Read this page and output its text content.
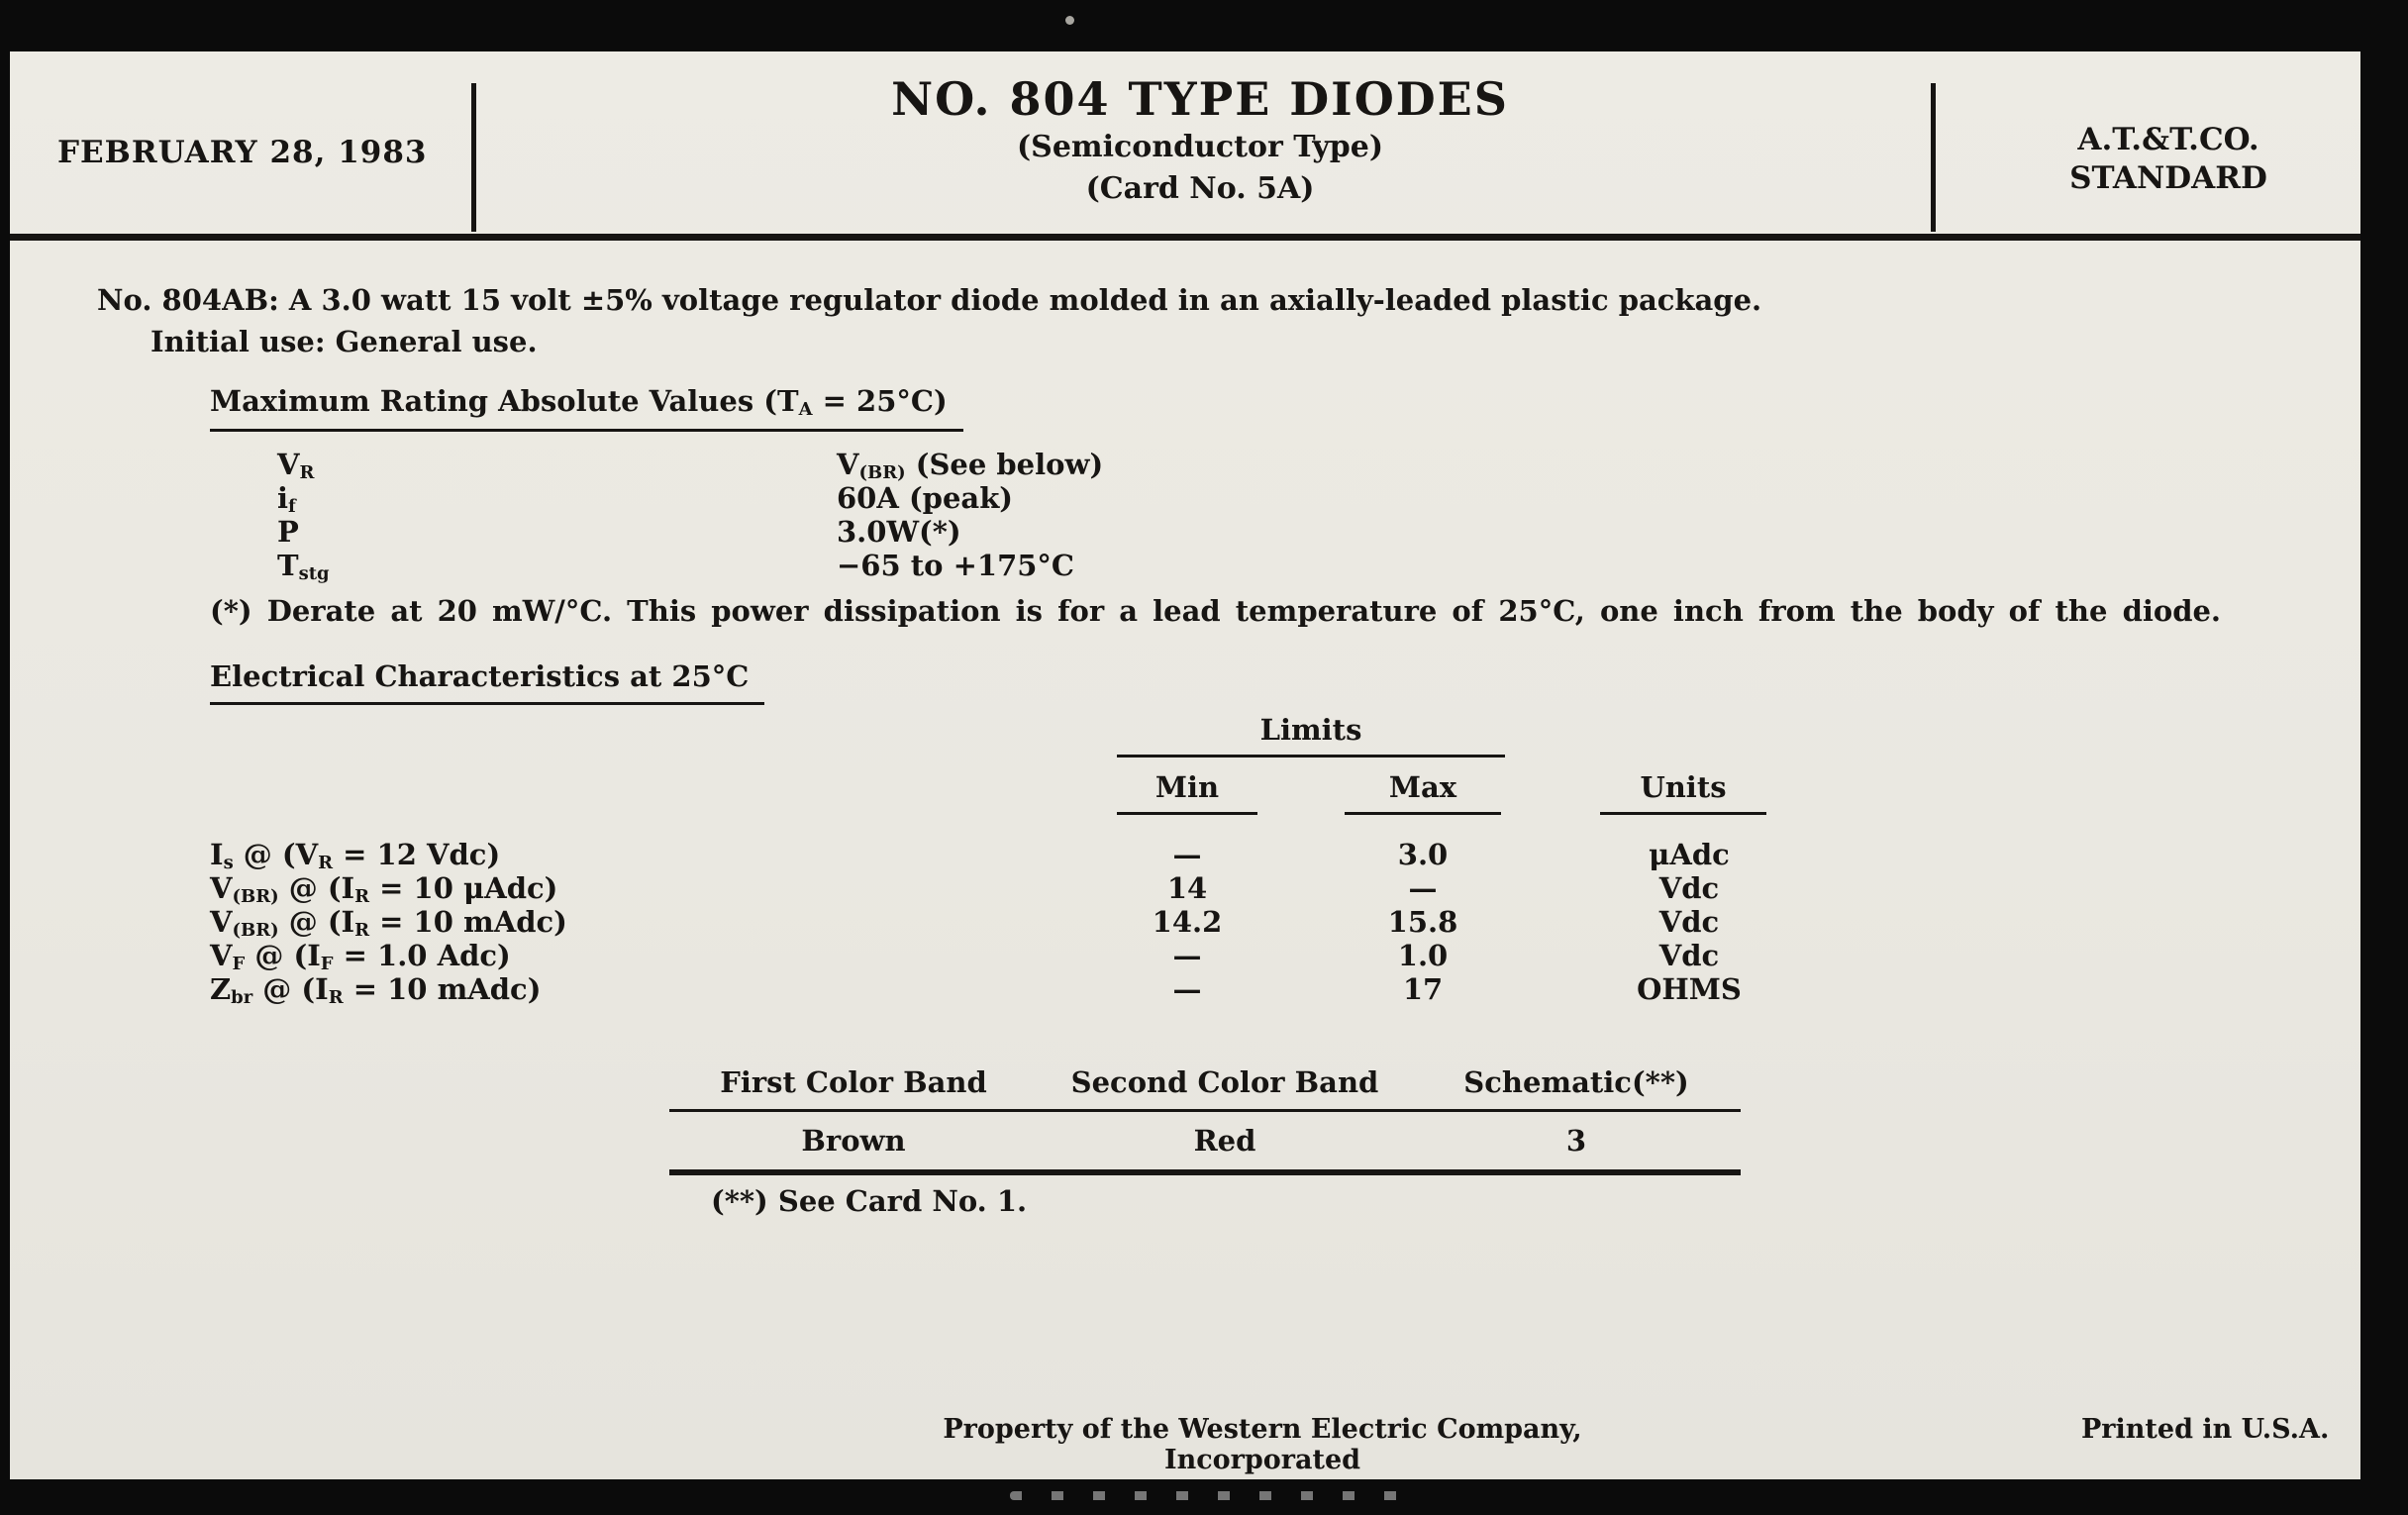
FEBRUARY 28, 1983
NO. 804 TYPE DIODES
(Semiconductor Type)
(Card No. 5A)
A.T.&T.CO.
STANDARD
No. 804AB: A 3.0 watt 15 volt ±5% voltage regulator diode molded in an axially-leaded plastic package.
Initial use: General use.
Maximum Rating Absolute Values $(T_A = 25^\circ C)$
$V_R$	$V_{(BR)}$ (See below)
$i_f$	60A (peak)
P	3.0W(*)
$T_{stg}$	−65 to +175°C
(*) Derate at 20 mW/°C. This power dissipation is for a lead temperature of 25°C, one inch from the body of the diode.
Electrical Characteristics at 25°C
Limits
Min	Max	Units
$I_s$ @ ($V_R = 12$ Vdc)	—	3.0	μAdc
$V_{(BR)}$ @ ($I_R = 10$ μAdc)	14	—	Vdc
$V_{(BR)}$ @ ($I_R = 10$ mAdc)	14.2	15.8	Vdc
$V_F$ @ ($I_F = 1.0$ Adc)	—	1.0	Vdc
$Z_{br}$ @ ($I_R = 10$ mAdc)	—	17	OHMS
First Color Band	Second Color Band	Schematic(**)
Brown	Red	3
(**) See Card No. 1.
Property of the Western Electric Company, Incorporated
Printed in U.S.A.
